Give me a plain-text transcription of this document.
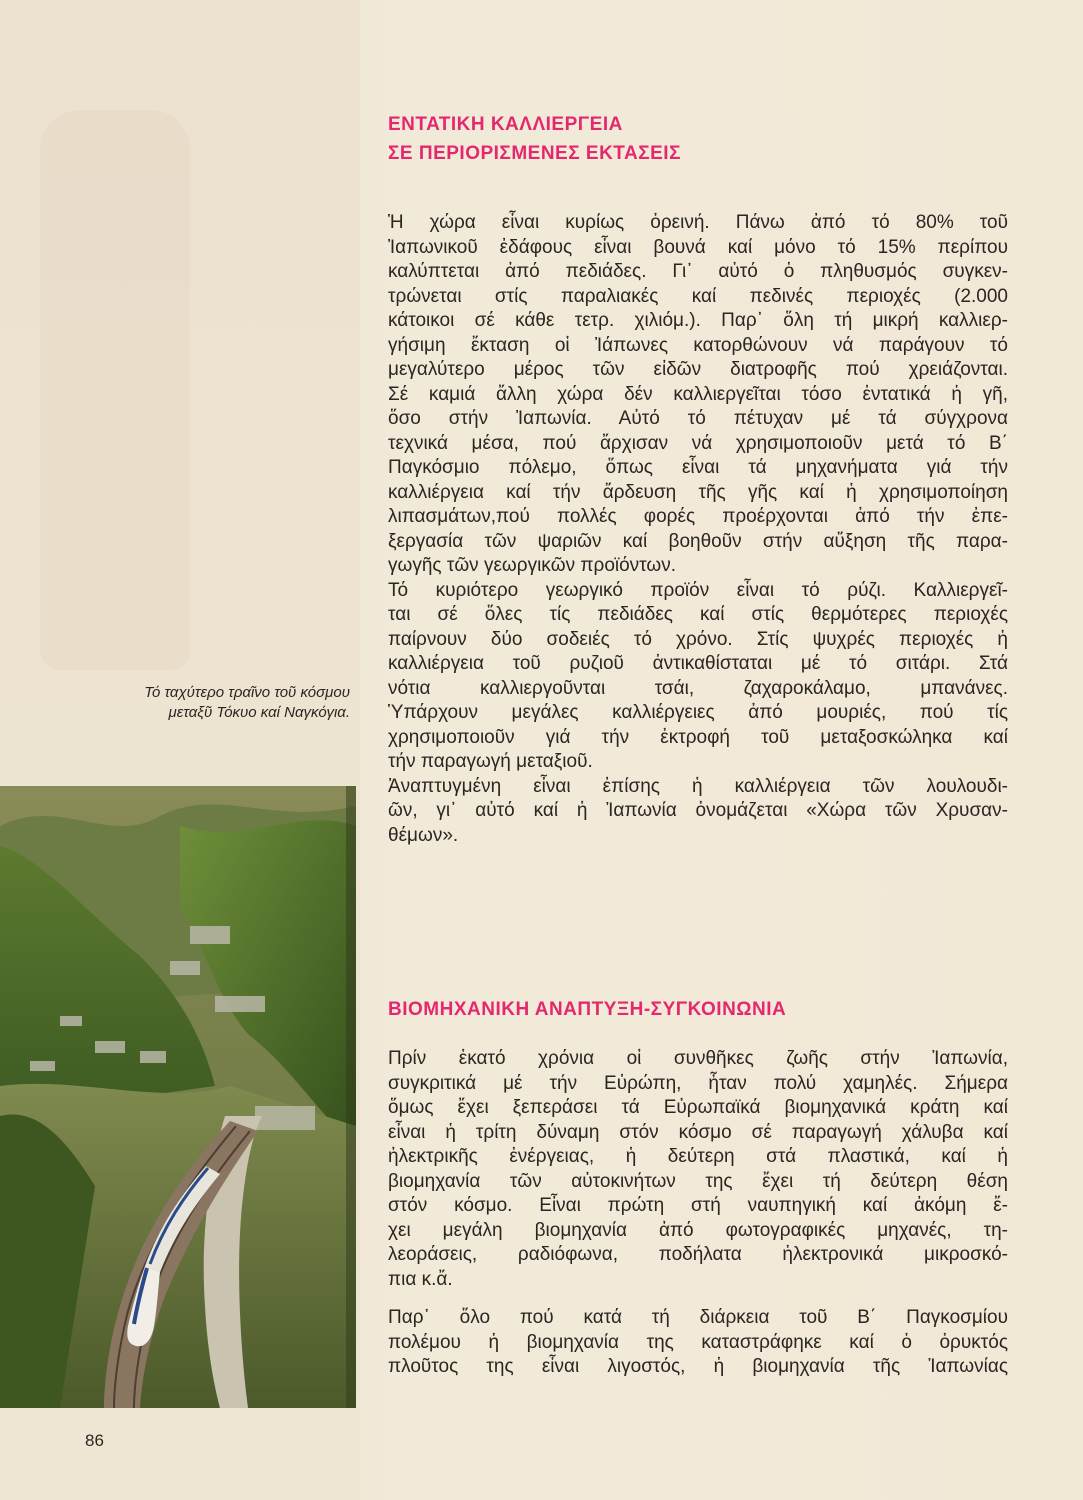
Τό ταχύτερο τραῖνο τοῦ κόσμου
μεταξῦ Τόκυο καί Ναγκόγια.
ΕΝΤΑΤΙΚΗ ΚΑΛΛΙΕΡΓΕΙΑ
ΣΕ ΠΕΡΙΟΡΙΣΜΕΝΕΣ ΕΚΤΑΣΕΙΣ
Ἡ χώρα εἶναι κυρίως ὀρεινή. Πάνω ἀπό τό 80% τοῦ
Ἰαπωνικοῦ ἐδάφους εἶναι βουνά καί μόνο τό 15% περίπου
καλύπτεται ἀπό πεδιάδες. Γι᾽ αὐτό ὁ πληθυσμός συγκεν-
τρώνεται στίς παραλιακές καί πεδινές περιοχές (2.000
κάτοικοι σέ κάθε τετρ. χιλιόμ.). Παρ᾽ ὅλη τή μικρή καλλιερ-
γήσιμη ἔκταση οἱ Ἰάπωνες κατορθώνουν νά παράγουν τό
μεγαλύτερο μέρος τῶν εἰδῶν διατροφῆς πού χρειάζονται.
Σέ καμιά ἄλλη χώρα δέν καλλιεργεῖται τόσο ἐντατικά ἡ γῆ,
ὅσο στήν Ἰαπωνία. Αὐτό τό πέτυχαν μέ τά σύγχρονα
τεχνικά μέσα, πού ἄρχισαν νά χρησιμοποιοῦν μετά τό Β΄
Παγκόσμιο πόλεμο, ὅπως εἶναι τά μηχανήματα γιά τήν
καλλιέργεια καί τήν ἄρδευση τῆς γῆς καί ἡ χρησιμοποίηση
λιπασμάτων,πού πολλές φορές προέρχονται ἀπό τήν ἐπε-
ξεργασία τῶν ψαριῶν καί βοηθοῦν στήν αὔξηση τῆς παρα-
γωγῆς τῶν γεωργικῶν προϊόντων.
Τό κυριότερο γεωργικό προϊόν εἶναι τό ρύζι. Καλλιεργεῖ-
ται σέ ὅλες τίς πεδιάδες καί στίς θερμότερες περιοχές
παίρνουν δύο σοδειές τό χρόνο. Στίς ψυχρές περιοχές ἡ
καλλιέργεια τοῦ ρυζιοῦ ἀντικαθίσταται μέ τό σιτάρι. Στά
νότια καλλιεργοῦνται τσάι, ζαχαροκάλαμο, μπανάνες.
Ὑπάρχουν μεγάλες καλλιέργειες ἀπό μουριές, πού τίς
χρησιμοποιοῦν γιά τήν ἐκτροφή τοῦ μεταξοσκώληκα καί
τήν παραγωγή μεταξιοῦ.
Ἀναπτυγμένη εἶναι ἐπίσης ἡ καλλιέργεια τῶν λουλουδι-
ῶν, γι᾽ αὐτό καί ἡ Ἰαπωνία ὀνομάζεται «Χώρα τῶν Χρυσαν-
θέμων».
ΒΙΟΜΗΧΑΝΙΚΗ ΑΝΑΠΤΥΞΗ-ΣΥΓΚΟΙΝΩΝΙΑ
Πρίν ἑκατό χρόνια οἱ συνθῆκες ζωῆς στήν Ἰαπωνία,
συγκριτικά μέ τήν Εὐρώπη, ἦταν πολύ χαμηλές. Σήμερα
ὅμως ἔχει ξεπεράσει τά Εὐρωπαϊκά βιομηχανικά κράτη καί
εἶναι ἡ τρίτη δύναμη στόν κόσμο σέ παραγωγή χάλυβα καί
ἠλεκτρικῆς ἐνέργειας, ἡ δεύτερη στά πλαστικά, καί ἡ
βιομηχανία τῶν αὐτοκινήτων της ἔχει τή δεύτερη θέση
στόν κόσμο. Εἶναι πρώτη στή ναυπηγική καί ἀκόμη ἔ-
χει μεγάλη βιομηχανία ἀπό φωτογραφικές μηχανές, τη-
λεοράσεις, ραδιόφωνα, ποδήλατα ἠλεκτρονικά μικροσκό-
πια κ.ἄ.
Παρ᾽ ὅλο πού κατά τή διάρκεια τοῦ Β΄ Παγκοσμίου
πολέμου ἡ βιομηχανία της καταστράφηκε καί ὁ ὀρυκτός
πλοῦτος της εἶναι λιγοστός, ἡ βιομηχανία τῆς Ἰαπωνίας
86
